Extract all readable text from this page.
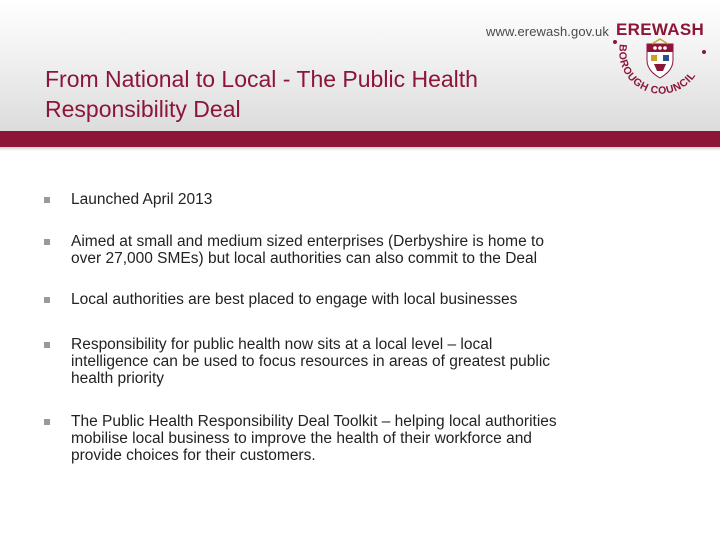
www.erewash.gov.uk EREWASH
BOROUGH COUNCIL
From National to Local - The Public Health
Responsibility Deal
Launched April 2013
Aimed at small and medium sized enterprises (Derbyshire is home to
over 27,000 SMEs) but local authorities can also commit to the Deal
Local authorities are best placed to engage with local businesses
Responsibility for public health now sits at a local level – local
intelligence can be used to focus resources in areas of greatest public
health priority
The Public Health Responsibility Deal Toolkit – helping local authorities
mobilise local business to improve the health of their workforce and
provide choices for their customers.
